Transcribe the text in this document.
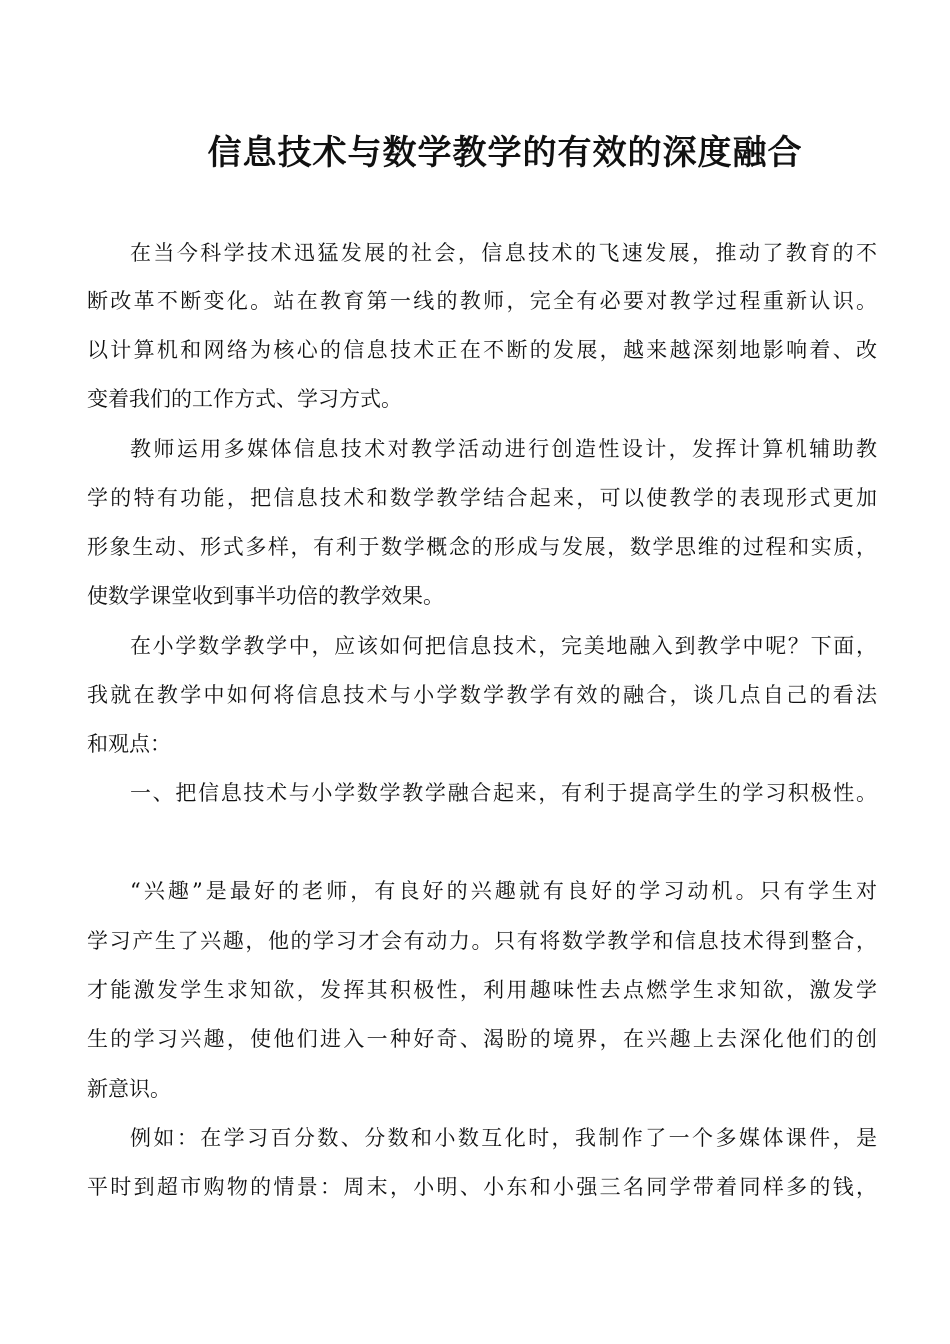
信息技术与数学教学的有效的深度融合

在当今科学技术迅猛发展的社会，信息技术的飞速发展，推动了教育的不

断改革不断变化。站在教育第一线的教师，完全有必要对教学过程重新认识。

以计算机和网络为核心的信息技术正在不断的发展，越来越深刻地影响着、改

变着我们的工作方式、学习方式。

教师运用多媒体信息技术对教学活动进行创造性设计，发挥计算机辅助教

学的特有功能，把信息技术和数学教学结合起来，可以使教学的表现形式更加

形象生动、形式多样，有利于数学概念的形成与发展，数学思维的过程和实质，

使数学课堂收到事半功倍的教学效果。

在小学数学教学中，应该如何把信息技术，完美地融入到教学中呢？下面，

我就在教学中如何将信息技术与小学数学教学有效的融合，谈几点自己的看法

和观点：

一、把信息技术与小学数学教学融合起来，有利于提高学生的学习积极性。

“兴趣”是最好的老师，有良好的兴趣就有良好的学习动机。只有学生对

学习产生了兴趣，他的学习才会有动力。只有将数学教学和信息技术得到整合，

才能激发学生求知欲，发挥其积极性，利用趣味性去点燃学生求知欲，激发学

生的学习兴趣，使他们进入一种好奇、渴盼的境界，在兴趣上去深化他们的创

新意识。

例如：在学习百分数、分数和小数互化时，我制作了一个多媒体课件，是

平时到超市购物的情景：周末，小明、小东和小强三名同学带着同样多的钱，
